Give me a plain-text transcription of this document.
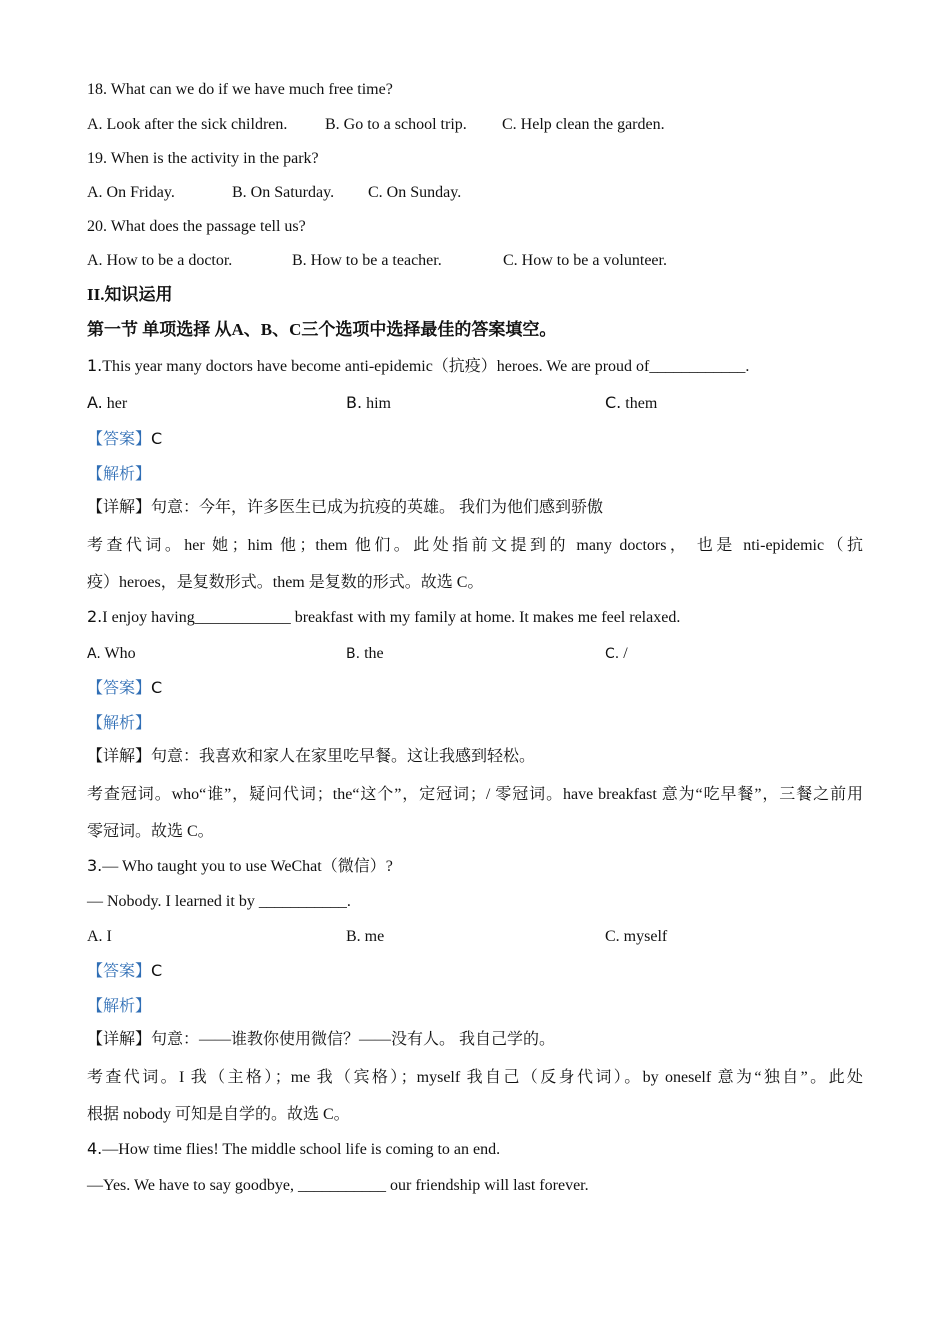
18. What can we do if we have much free time?
A. Look after the sick children. B. Go to a school trip. C. Help clean the garden.
19. When is the activity in the park?
A. On Friday.	B. On Saturday. C. On Sunday.
20. What does the passage tell us?
A. How to be a doctor.	B. How to be a teacher.	C. How to be a volunteer.
II.知识运用
第一节 单项选择 从A、B、C三个选项中选择最佳的答案填空。
1.This year many doctors have become anti-epidemic（抗疫）heroes. We are proud of____________.
A. her	B. him	C. them
【答案】C
【解析】
【详解】句意：今年，许多医生已成为抗疫的英雄。 我们为他们感到骄傲
考查代词。her 她；him 他；them 他们。此处指前文提到的 many doctors， 也是 nti-epidemic（抗
疫）heroes，是复数形式。them 是复数的形式。故选 C。
2.I enjoy having____________ breakfast with my family at home. It makes me feel relaxed.
A. Who	B. the	C. /
【答案】C
【解析】
【详解】句意：我喜欢和家人在家里吃早餐。这让我感到轻松。
考查冠词。who“谁”，疑问代词；the“这个”，定冠词；/ 零冠词。have breakfast 意为“吃早餐”，三餐之前用
零冠词。故选 C。
3.— Who taught you to use WeChat（微信）?
— Nobody. I learned it by ___________.
A. I	B. me	C. myself
【答案】C
【解析】
【详解】句意：——谁教你使用微信？——没有人。 我自己学的。
考查代词。I 我（主格）；me 我（宾格）；myself 我自己（反身代词）。by oneself 意为“独自”。此处
根据 nobody 可知是自学的。故选 C。
4.—How time flies! The middle school life is coming to an end.
—Yes. We have to say goodbye, ___________ our friendship will last forever.
